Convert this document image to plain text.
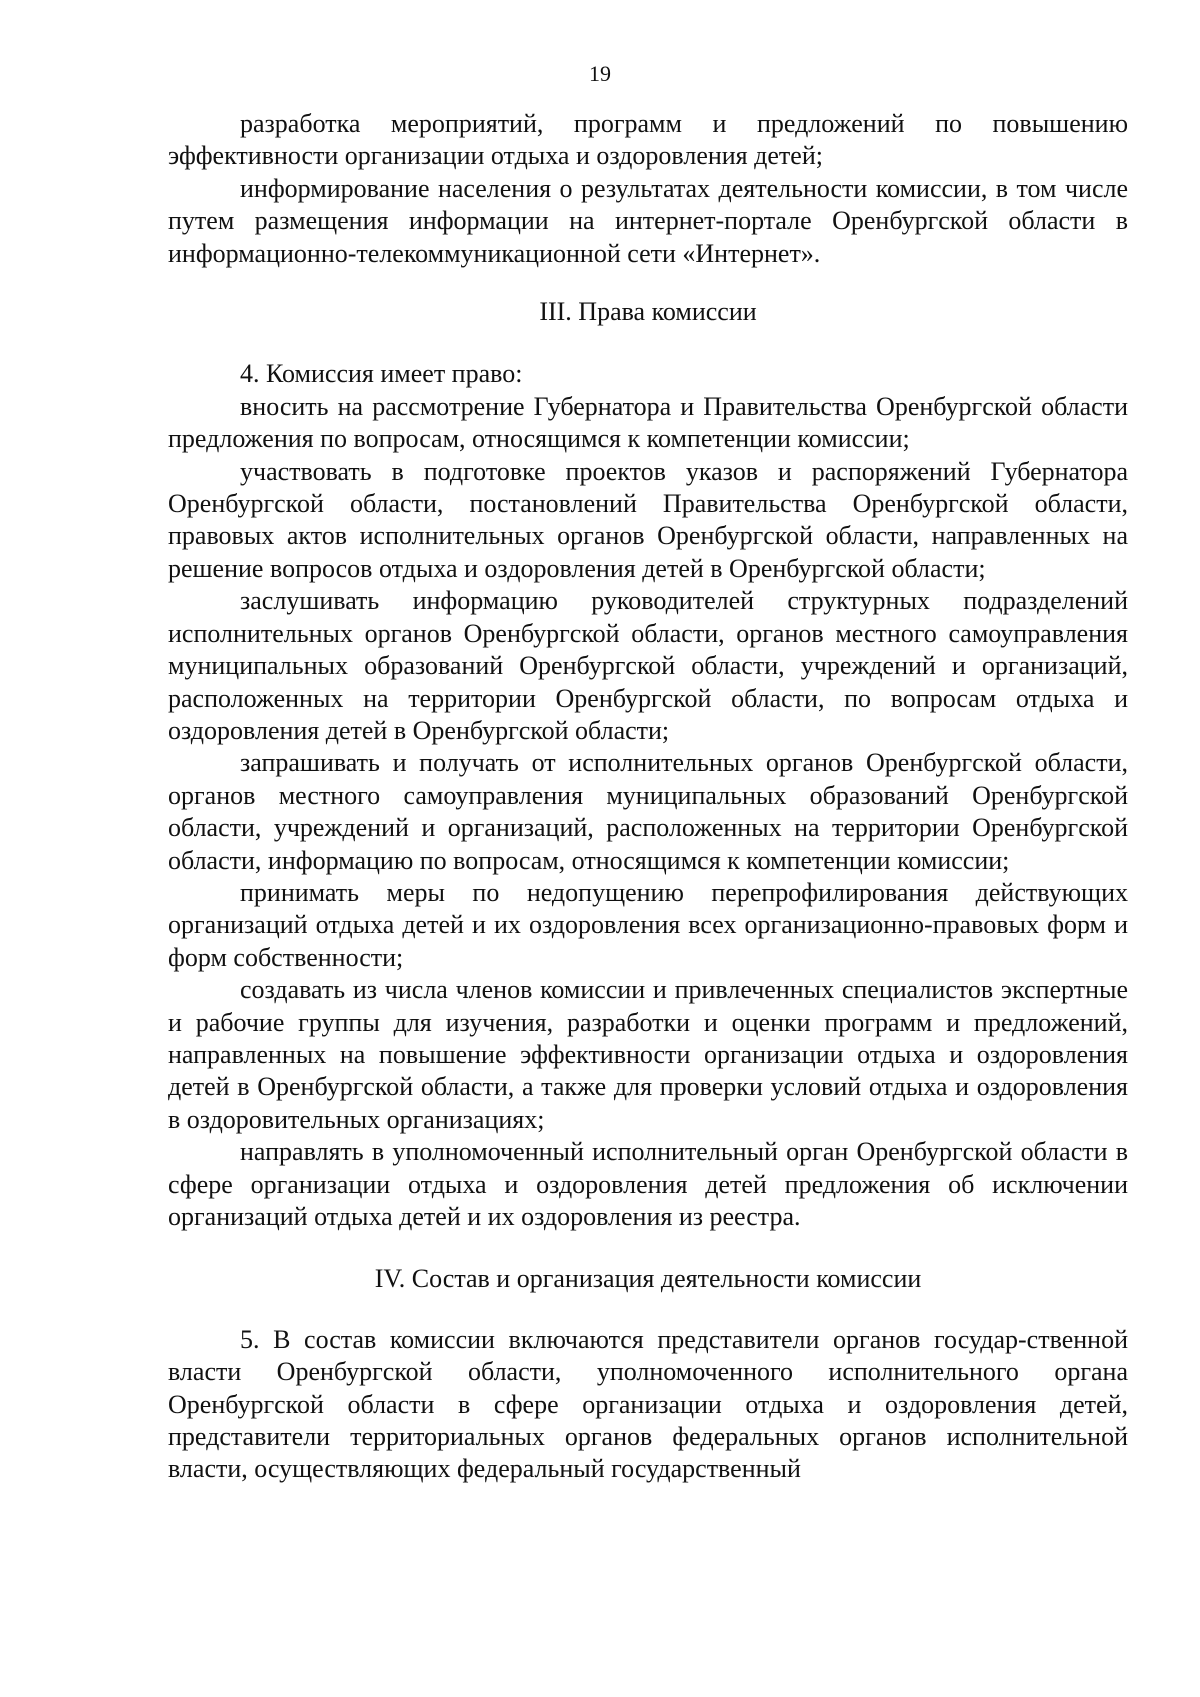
19

разработка мероприятий, программ и предложений по повышению эффективности организации отдыха и оздоровления детей;

информирование населения о результатах деятельности комиссии, в том числе путем размещения информации на интернет-портале Оренбургской области в информационно-телекоммуникационной сети «Интернет».

III. Права комиссии

4. Комиссия имеет право:

вносить на рассмотрение Губернатора и Правительства Оренбургской области предложения по вопросам, относящимся к компетенции комиссии;

участвовать в подготовке проектов указов и распоряжений Губернатора Оренбургской области, постановлений Правительства Оренбургской области, правовых актов исполнительных органов Оренбургской области, направленных на решение вопросов отдыха и оздоровления детей в Оренбургской области;

заслушивать информацию руководителей структурных подразделений исполнительных органов Оренбургской области, органов местного самоуправления муниципальных образований Оренбургской области, учреждений и организаций, расположенных на территории Оренбургской области, по вопросам отдыха и оздоровления детей в Оренбургской области;

запрашивать и получать от исполнительных органов Оренбургской области, органов местного самоуправления муниципальных образований Оренбургской области, учреждений и организаций, расположенных на территории Оренбургской области, информацию по вопросам, относящимся к компетенции комиссии;

принимать меры по недопущению перепрофилирования действующих организаций отдыха детей и их оздоровления всех организационно-правовых форм и форм собственности;

создавать из числа членов комиссии и привлеченных специалистов экспертные и рабочие группы для изучения, разработки и оценки программ и предложений, направленных на повышение эффективности организации отдыха и оздоровления детей в Оренбургской области, а также для проверки условий отдыха и оздоровления в оздоровительных организациях;

направлять в уполномоченный исполнительный орган Оренбургской области в сфере организации отдыха и оздоровления детей предложения об исключении организаций отдыха детей и их оздоровления из реестра.

IV. Состав и организация деятельности комиссии

5. В состав комиссии включаются представители органов государ-ственной власти Оренбургской области, уполномоченного исполнительного органа Оренбургской области в сфере организации отдыха и оздоровления детей, представители территориальных органов федеральных органов исполнительной власти, осуществляющих федеральный государственный
